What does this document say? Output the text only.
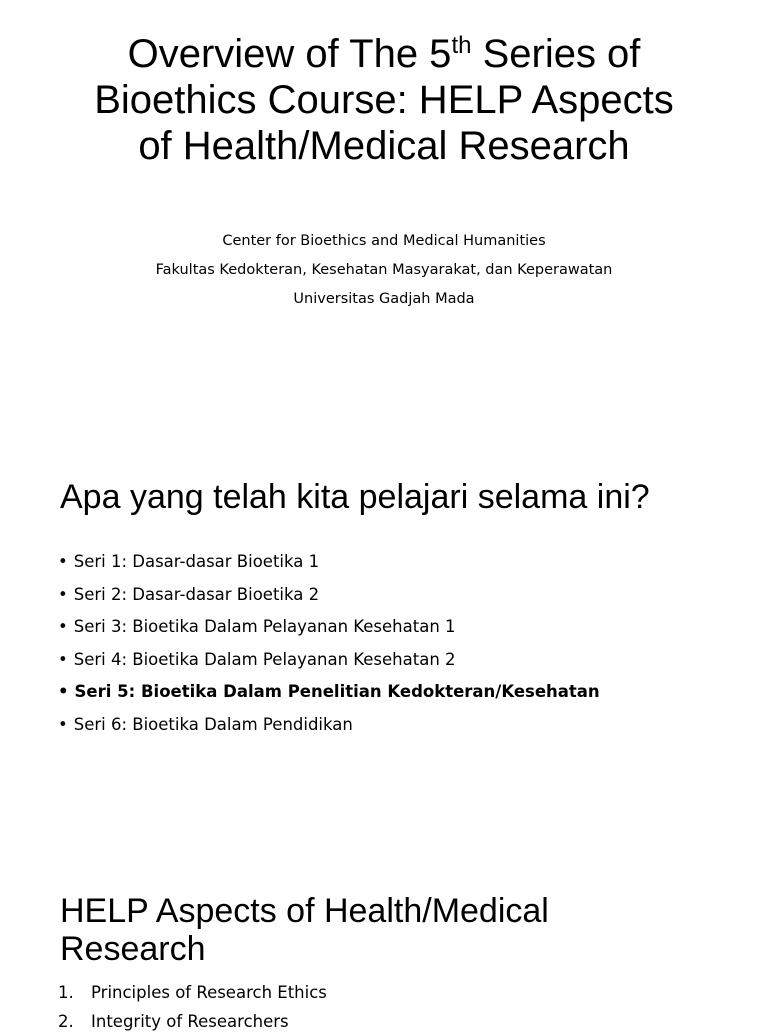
Overview of The 5th Series of Bioethics Course: HELP Aspects of Health/Medical Research
Center for Bioethics and Medical Humanities
Fakultas Kedokteran, Kesehatan Masyarakat, dan Keperawatan
Universitas Gadjah Mada
Apa yang telah kita pelajari selama ini?
• Seri 1: Dasar-dasar Bioetika 1
• Seri 2: Dasar-dasar Bioetika 2
• Seri 3: Bioetika Dalam Pelayanan Kesehatan 1
• Seri 4: Bioetika Dalam Pelayanan Kesehatan 2
• Seri 5: Bioetika Dalam Penelitian Kedokteran/Kesehatan
• Seri 6: Bioetika Dalam Pendidikan
HELP Aspects of Health/Medical Research
1. Principles of Research Ethics
2. Integrity of Researchers
